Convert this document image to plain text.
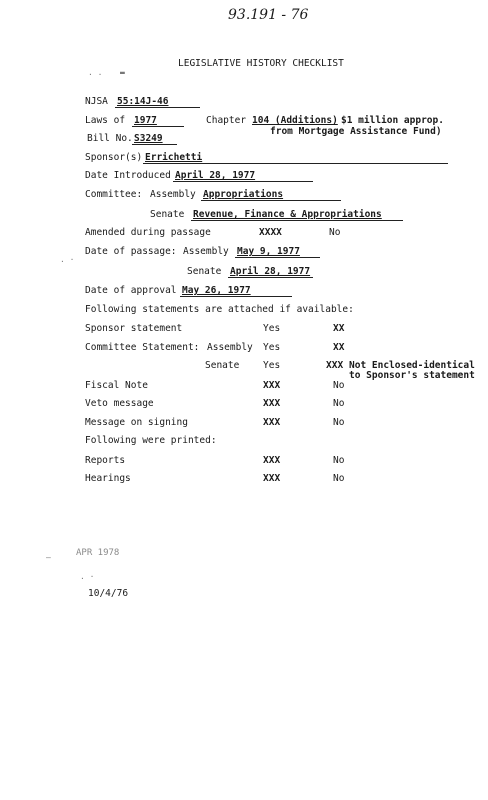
93.191 - 76
LEGISLATIVE HISTORY CHECKLIST
NJSA 55:14J-46
Laws of 1977	Chapter 104 (Additions) $1 million approp.
from Mortgage Assistance Fund)
Bill No. S3249
Sponsor(s) Errichetti
Date Introduced April 28, 1977
Committee: Assembly Appropriations
Senate Revenue, Finance & Appropriations
Amended during passage	XXXX	No
Date of passage: Assembly May 9, 1977
Senate April 28, 1977
Date of approval May 26, 1977
Following statements are attached if available:
Sponsor statement	Yes	XX
Committee Statement: Assembly Yes	XX
Senate Yes	XXX Not Enclosed-identical
to Sponsor's statement
Fiscal Note	XXX	No
Veto message	XXX	No
Message on signing	XXX	No
Following were printed:
Reports	XXX	No
Hearings	XXX	No
APR 1978
10/4/76
· · ▬
. ·
—
. ·
